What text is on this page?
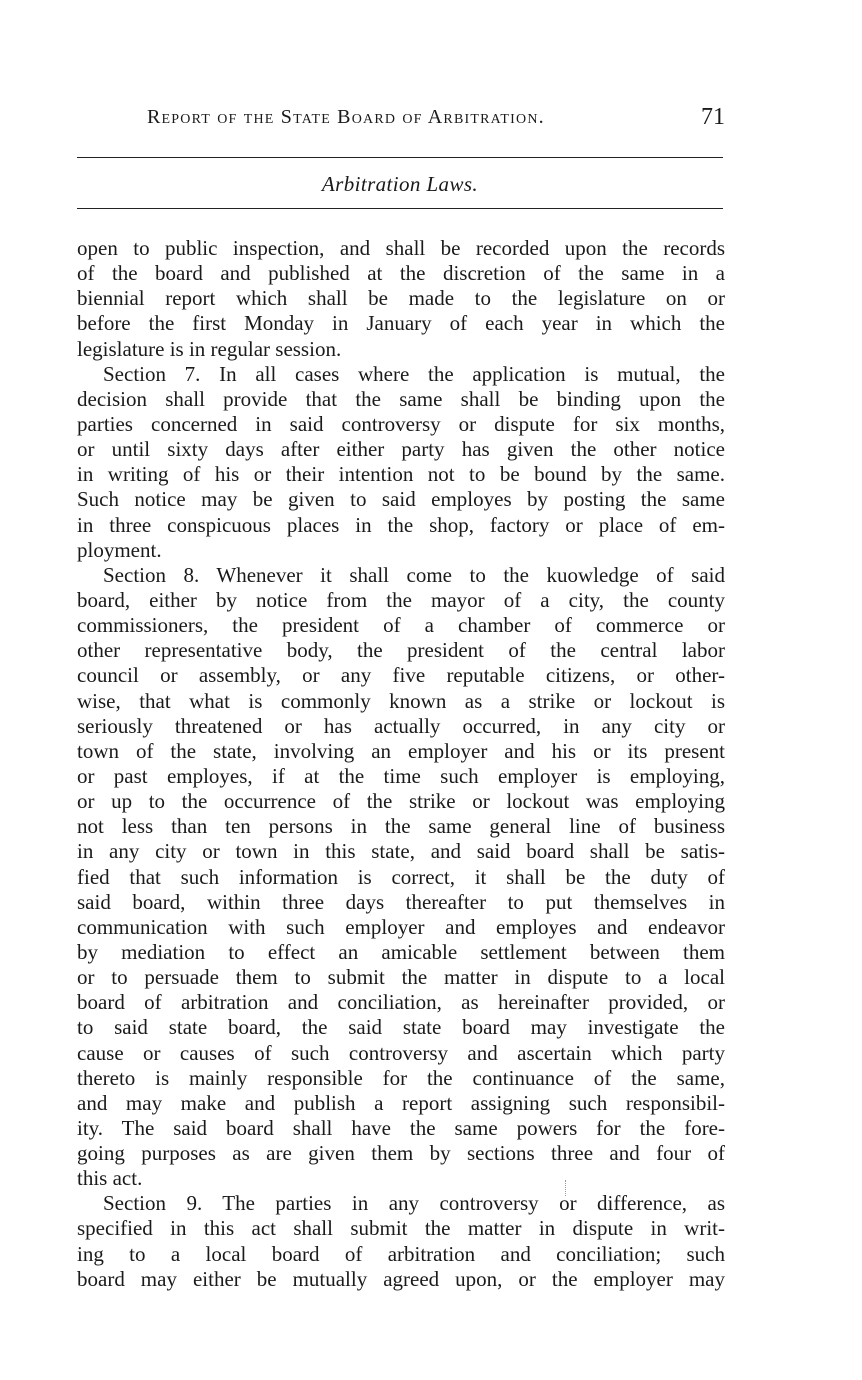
Report of the State Board of Arbitration.	71
Arbitration Laws.
open to public inspection, and shall be recorded upon the records
of the board and published at the discretion of the same in a
biennial report which shall be made to the legislature on or
before the first Monday in January of each year in which the
legislature is in regular session.
Section 7. In all cases where the application is mutual, the
decision shall provide that the same shall be binding upon the
parties concerned in said controversy or dispute for six months,
or until sixty days after either party has given the other notice
in writing of his or their intention not to be bound by the same.
Such notice may be given to said employes by posting the same
in three conspicuous places in the shop, factory or place of em-
ployment.
Section 8. Whenever it shall come to the kuowledge of said
board, either by notice from the mayor of a city, the county
commissioners, the president of a chamber of commerce or
other representative body, the president of the central labor
council or assembly, or any five reputable citizens, or other-
wise, that what is commonly known as a strike or lockout is
seriously threatened or has actually occurred, in any city or
town of the state, involving an employer and his or its present
or past employes, if at the time such employer is employing,
or up to the occurrence of the strike or lockout was employing
not less than ten persons in the same general line of business
in any city or town in this state, and said board shall be satis-
fied that such information is correct, it shall be the duty of
said board, within three days thereafter to put themselves in
communication with such employer and employes and endeavor
by mediation to effect an amicable settlement between them
or to persuade them to submit the matter in dispute to a local
board of arbitration and conciliation, as hereinafter provided, or
to said state board, the said state board may investigate the
cause or causes of such controversy and ascertain which party
thereto is mainly responsible for the continuance of the same,
and may make and publish a report assigning such responsibil-
ity. The said board shall have the same powers for the fore-
going purposes as are given them by sections three and four of
this act.
Section 9. The parties in any controversy or difference, as
specified in this act shall submit the matter in dispute in writ-
ing to a local board of arbitration and conciliation; such
board may either be mutually agreed upon, or the employer may
